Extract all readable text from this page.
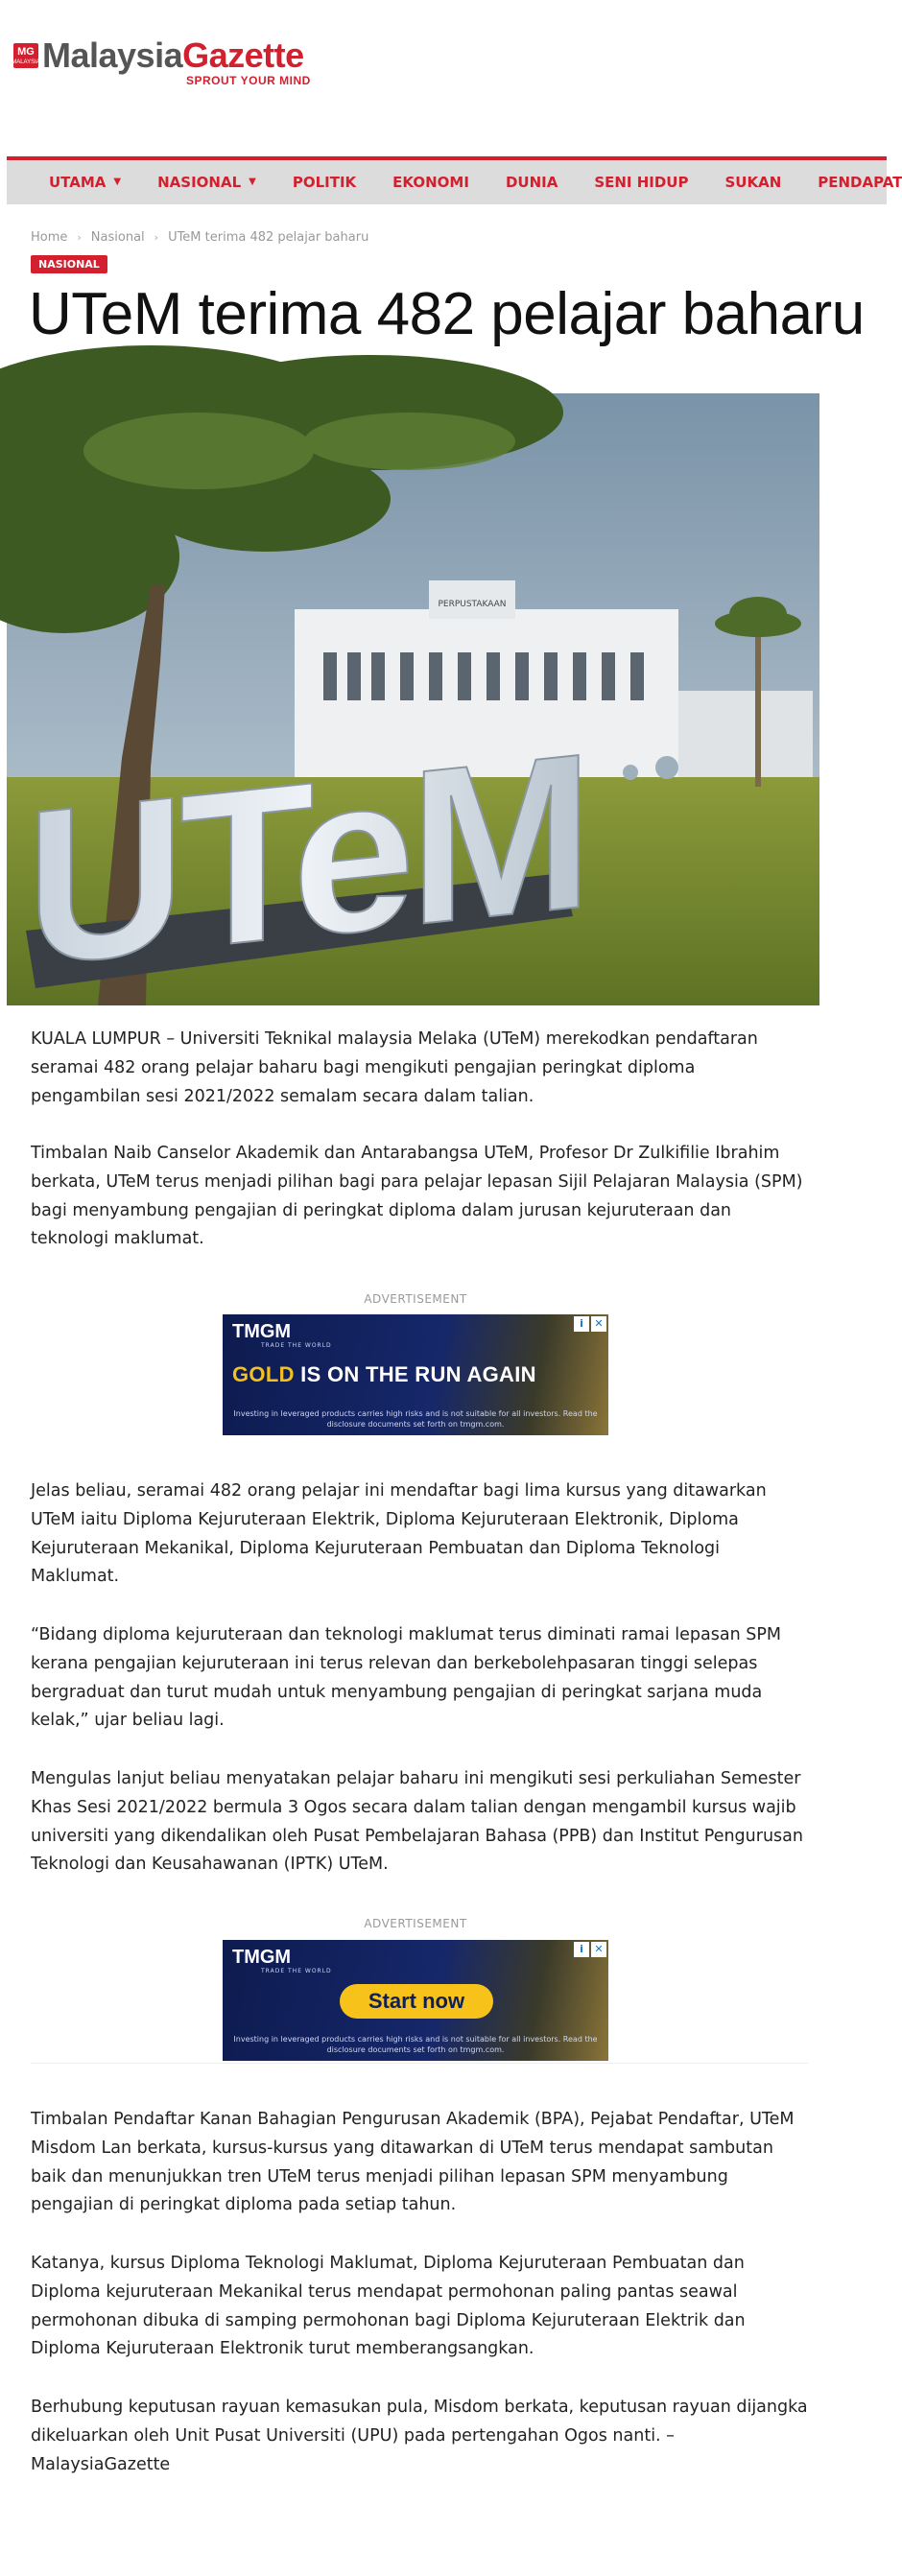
MG
MALAYSIA MalaysiaGazette
SPROUT YOUR MIND
UTAMA ▼	NASIONAL ▼	POLITIK	EKONOMI	DUNIA	SENI HIDUP	SUKAN	PENDAPAT
Home › Nasional › UTeM terima 482 pelajar baharu
NASIONAL
UTeM terima 482 pelajar baharu
PERPUSTAKAAN
UTeM

KUALA LUMPUR – Universiti Teknikal malaysia Melaka (UTeM) merekodkan pendaftaran seramai 482 orang pelajar baharu bagi mengikuti pengajian peringkat diploma pengambilan sesi 2021/2022 semalam secara dalam talian.

Timbalan Naib Canselor Akademik dan Antarabangsa UTeM, Profesor Dr Zulkifilie Ibrahim berkata, UTeM terus menjadi pilihan bagi para pelajar lepasan Sijil Pelajaran Malaysia (SPM) bagi menyambung pengajian di peringkat diploma dalam jurusan kejuruteraan dan teknologi maklumat.

ADVERTISEMENT
TMGM
TRADE THE WORLD
GOLD IS ON THE RUN AGAIN
Investing in leveraged products carries high risks and is not suitable for all investors. Read the disclosure documents set forth on tmgm.com.
i	✕

Jelas beliau, seramai 482 orang pelajar ini mendaftar bagi lima kursus yang ditawarkan UTeM iaitu Diploma Kejuruteraan Elektrik, Diploma Kejuruteraan Elektronik, Diploma Kejuruteraan Mekanikal, Diploma Kejuruteraan Pembuatan dan Diploma Teknologi Maklumat.

“Bidang diploma kejuruteraan dan teknologi maklumat terus diminati ramai lepasan SPM kerana pengajian kejuruteraan ini terus relevan dan berkebolehpasaran tinggi selepas bergraduat dan turut mudah untuk menyambung pengajian di peringkat sarjana muda kelak,” ujar beliau lagi.

Mengulas lanjut beliau menyatakan pelajar baharu ini mengikuti sesi perkuliahan Semester Khas Sesi 2021/2022 bermula 3 Ogos secara dalam talian dengan mengambil kursus wajib universiti yang dikendalikan oleh Pusat Pembelajaran Bahasa (PPB) dan Institut Pengurusan Teknologi dan Keusahawanan (IPTK) UTeM.

ADVERTISEMENT
TMGM
TRADE THE WORLD
Start now
Investing in leveraged products carries high risks and is not suitable for all investors. Read the disclosure documents set forth on tmgm.com.
i	✕

Timbalan Pendaftar Kanan Bahagian Pengurusan Akademik (BPA), Pejabat Pendaftar, UTeM Misdom Lan berkata, kursus-kursus yang ditawarkan di UTeM terus mendapat sambutan baik dan menunjukkan tren UTeM terus menjadi pilihan lepasan SPM menyambung pengajian di peringkat diploma pada setiap tahun.

Katanya, kursus Diploma Teknologi Maklumat, Diploma Kejuruteraan Pembuatan dan Diploma kejuruteraan Mekanikal terus mendapat permohonan paling pantas seawal permohonan dibuka di samping permohonan bagi Diploma Kejuruteraan Elektrik dan Diploma Kejuruteraan Elektronik turut memberangsangkan.

Berhubung keputusan rayuan kemasukan pula, Misdom berkata, keputusan rayuan dijangka dikeluarkan oleh Unit Pusat Universiti (UPU) pada pertengahan Ogos nanti. – MalaysiaGazette
